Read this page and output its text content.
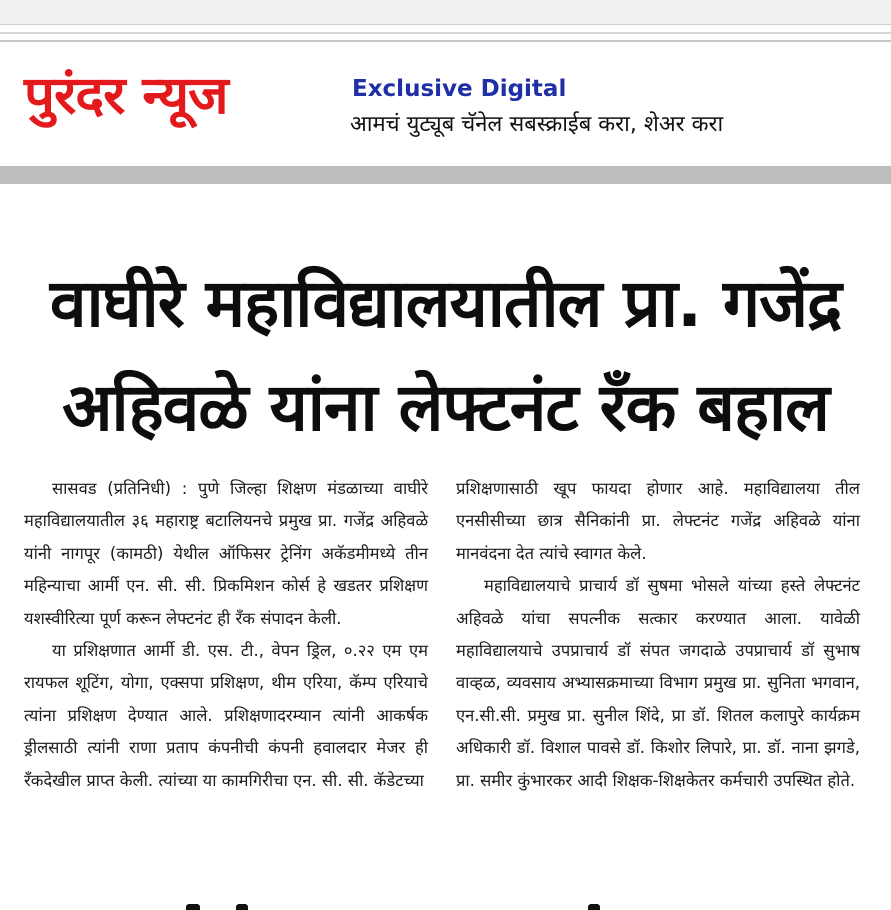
पुरंदर न्यूज	Exclusive Digital
आमचं युट्यूब चॅनेल सबस्क्राईब करा, शेअर करा
वाघीरे महाविद्यालयातील प्रा. गजेंद्र
अहिवळे यांना लेफ्टनंट रँक बहाल

सासवड (प्रतिनिधी) : पुणे जिल्हा शिक्षण मंडळाच्या वाघीरे महाविद्यालयातील ३६ महाराष्ट्र बटालियनचे प्रमुख प्रा. गजेंद्र अहिवळे यांनी नागपूर (कामठी) येथील ऑफिसर ट्रेनिंग अकॅडमीमध्ये तीन महिन्याचा आर्मी एन. सी. सी. प्रिकमिशन कोर्स हे खडतर प्रशिक्षण यशस्वीरित्या पूर्ण करून लेफ्टनंट ही रँक संपादन केली.

या प्रशिक्षणात आर्मी डी. एस. टी., वेपन ड्रिल, ०.२२ एम एम रायफल शूटिंग, योगा, एक्सपा प्रशिक्षण, थीम एरिया, कॅम्प एरियाचे त्यांना प्रशिक्षण देण्यात आले. प्रशिक्षणादरम्यान त्यांनी आकर्षक ड्रीलसाठी त्यांनी राणा प्रताप कंपनीची कंपनी हवालदार मेजर ही रँकदेखील प्राप्त केली. त्यांच्या या कामगिरीचा एन. सी. सी. कॅडेटच्या

प्रशिक्षणासाठी खूप फायदा होणार आहे. महाविद्यालया तील एनसीसीच्या छात्र सैनिकांनी प्रा. लेफ्टनंट गजेंद्र अहिवळे यांना मानवंदना देत त्यांचे स्वागत केले.

महाविद्यालयाचे प्राचार्य डॉ सुषमा भोसले यांच्या हस्ते लेफ्टनंट अहिवळे यांचा सपत्नीक सत्कार करण्यात आला. यावेळी महाविद्यालयाचे उपप्राचार्य डॉ संपत जगदाळे उपप्राचार्य डॉ सुभाष वाव्हळ, व्यवसाय अभ्यासक्रमाच्या विभाग प्रमुख प्रा. सुनिता भगवान, एन.सी.सी. प्रमुख प्रा. सुनील शिंदे, प्रा डॉ. शितल कलापुरे कार्यक्रम अधिकारी डॉ. विशाल पावसे डॉ. किशोर लिपारे, प्रा. डॉ. नाना झगडे, प्रा. समीर कुंभारकर आदी शिक्षक-शिक्षकेतर कर्मचारी उपस्थित होते.
